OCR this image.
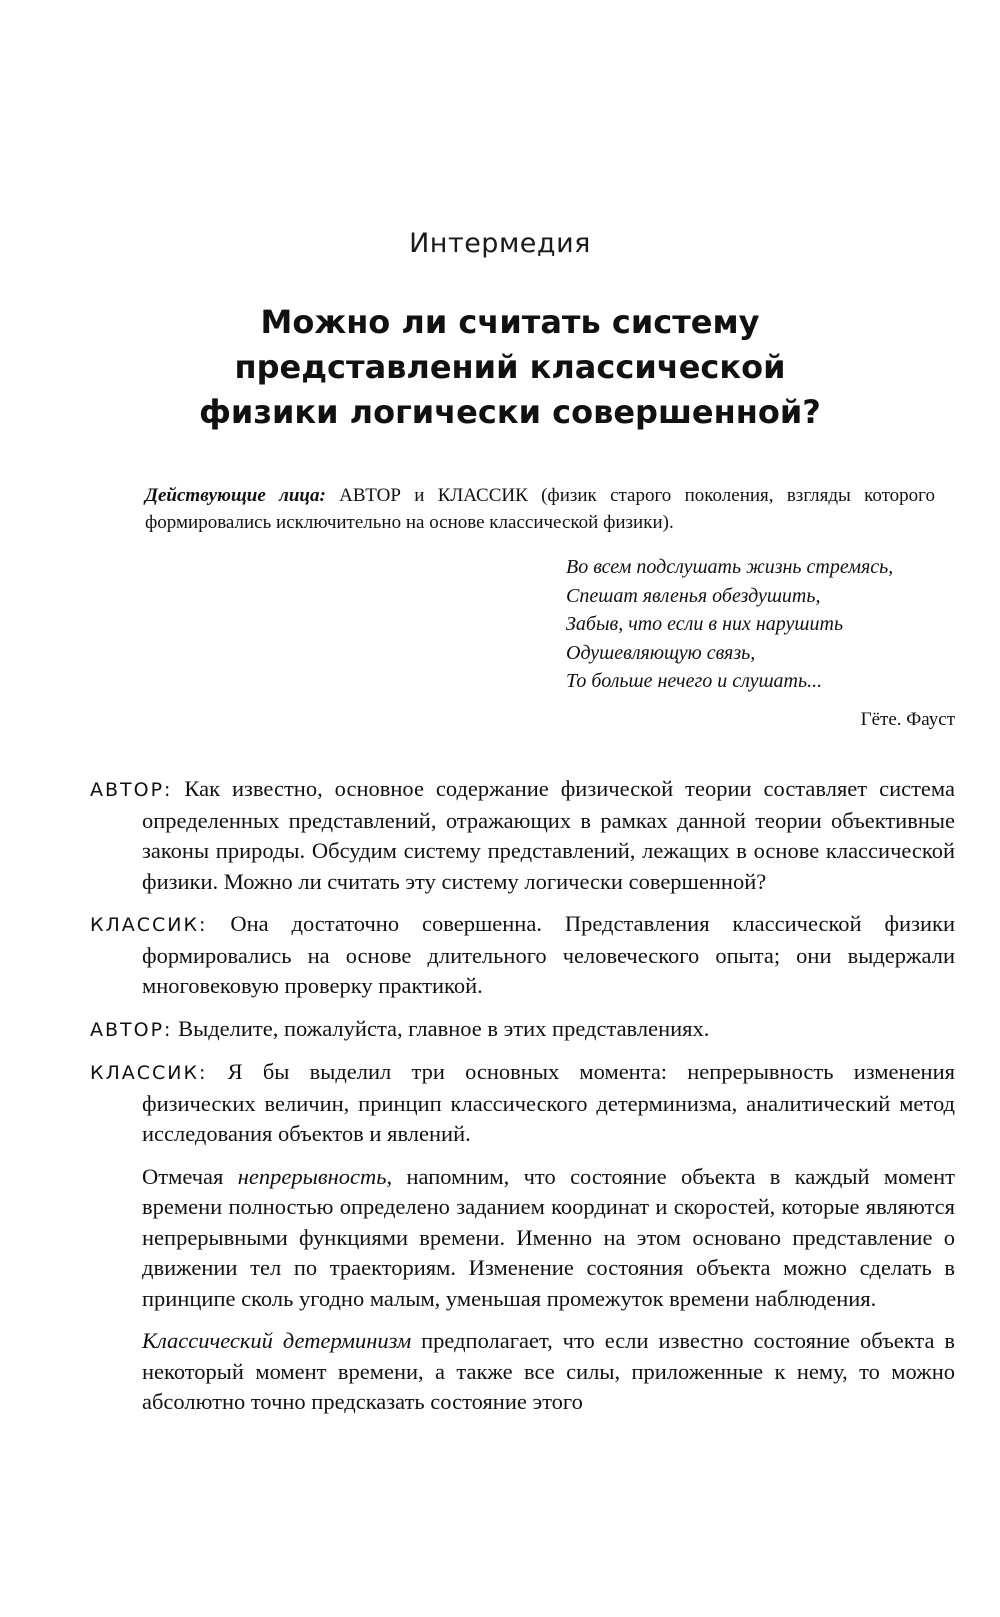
Интермедия
Можно ли считать систему
представлений классической
физики логически совершенной?
Действующие лица: АВТОР и КЛАССИК (физик старого поколения, взгляды которого формировались исключительно на основе классической физики).
Во всем подслушать жизнь стремясь,
Спешат явленья обездушить,
Забыв, что если в них нарушить
Одушевляющую связь,
То больше нечего и слушать...
Гёте. Фауст

АВТОР: Как известно, основное содержание физической теории составляет система определенных представлений, отражающих в рамках данной теории объективные законы природы. Обсудим систему представлений, лежащих в основе классической физики. Можно ли считать эту систему логически совершенной?

КЛАССИК: Она достаточно совершенна. Представления классической физики формировались на основе длительного человеческого опыта; они выдержали многовековую проверку практикой.

АВТОР: Выделите, пожалуйста, главное в этих представлениях.

КЛАССИК: Я бы выделил три основных момента: непрерывность изменения физических величин, принцип классического детерминизма, аналитический метод исследования объектов и явлений.

Отмечая непрерывность, напомним, что состояние объекта в каждый момент времени полностью определено заданием координат и скоростей, которые являются непрерывными функциями времени. Именно на этом основано представление о движении тел по траекториям. Изменение состояния объекта можно сделать в принципе сколь угодно малым, уменьшая промежуток времени наблюдения.

Классический детерминизм предполагает, что если известно состояние объекта в некоторый момент времени, а также все силы, приложенные к нему, то можно абсолютно точно предсказать состояние этого
